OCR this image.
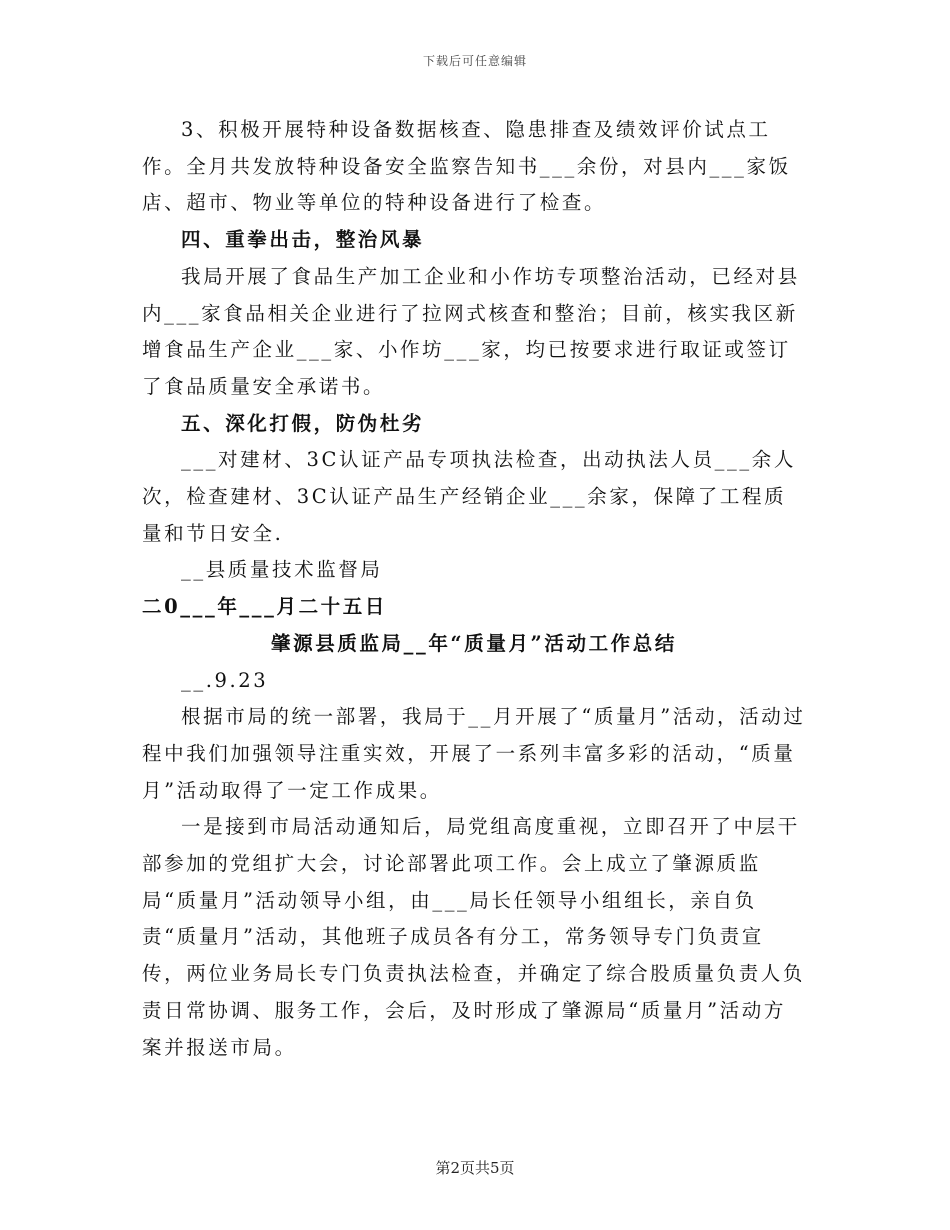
下载后可任意编辑

3、积极开展特种设备数据核查、隐患排查及绩效评价试点工作。全月共发放特种设备安全监察告知书___余份，对县内___家饭店、超市、物业等单位的特种设备进行了检查。

四、重拳出击，整治风暴

我局开展了食品生产加工企业和小作坊专项整治活动，已经对县内___家食品相关企业进行了拉网式核查和整治；目前，核实我区新增食品生产企业___家、小作坊___家，均已按要求进行取证或签订了食品质量安全承诺书。

五、深化打假，防伪杜劣

___对建材、3C认证产品专项执法检查，出动执法人员___余人次，检查建材、3C认证产品生产经销企业___余家，保障了工程质量和节日安全.

__县质量技术监督局

二0___年___月二十五日

肇源县质监局__年“质量月”活动工作总结

__.9.23

根据市局的统一部署，我局于__月开展了“质量月”活动，活动过程中我们加强领导注重实效，开展了一系列丰富多彩的活动，“质量月”活动取得了一定工作成果。

一是接到市局活动通知后，局党组高度重视，立即召开了中层干部参加的党组扩大会，讨论部署此项工作。会上成立了肇源质监局“质量月”活动领导小组，由___局长任领导小组组长，亲自负责“质量月”活动，其他班子成员各有分工，常务领导专门负责宣传，两位业务局长专门负责执法检查，并确定了综合股质量负责人负责日常协调、服务工作，会后，及时形成了肇源局“质量月”活动方案并报送市局。

第2页共5页
